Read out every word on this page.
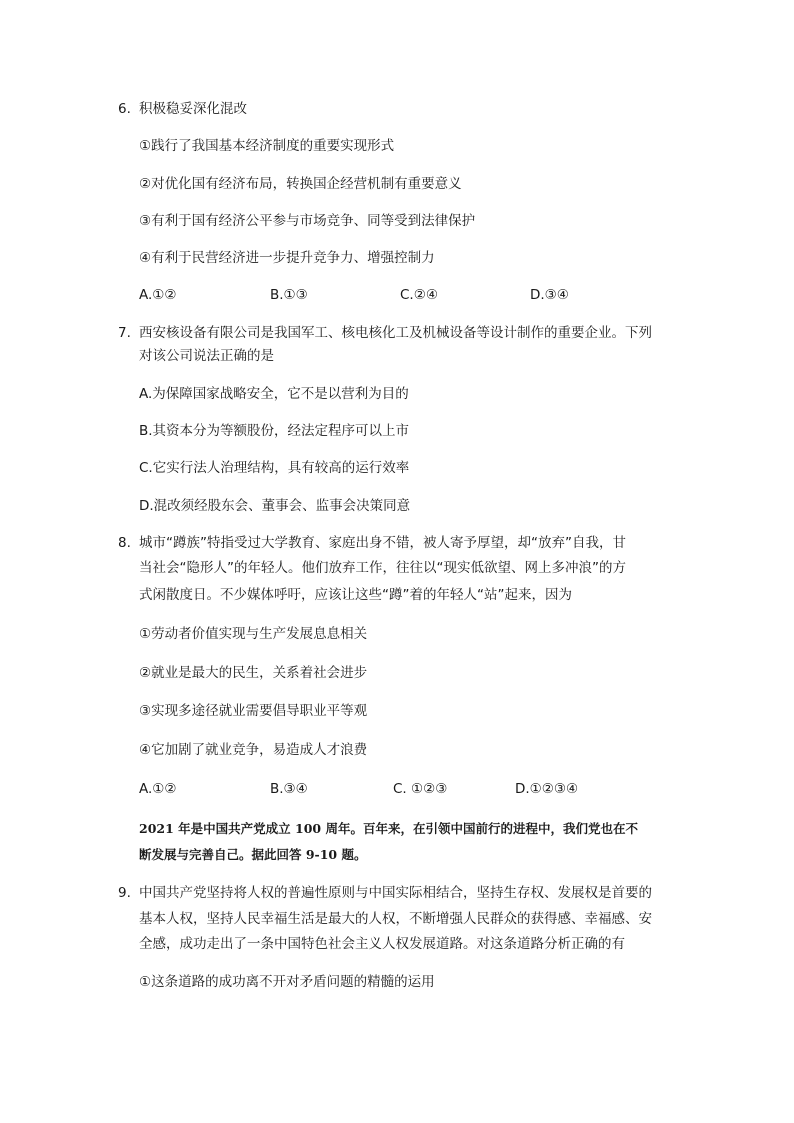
6. 积极稳妥深化混改
①践行了我国基本经济制度的重要实现形式
②对优化国有经济布局，转换国企经营机制有重要意义
③有利于国有经济公平参与市场竞争、同等受到法律保护
④有利于民营经济进一步提升竞争力、增强控制力
A.①②	B.①③	C.②④	D.③④
7. 西安核设备有限公司是我国军工、核电核化工及机械设备等设计制作的重要企业。下列
对该公司说法正确的是
A.为保障国家战略安全，它不是以营利为目的
B.其资本分为等额股份，经法定程序可以上市
C.它实行法人治理结构，具有较高的运行效率
D.混改须经股东会、董事会、监事会决策同意
8. 城市“蹲族”特指受过大学教育、家庭出身不错，被人寄予厚望，却“放弃”自我，甘
当社会“隐形人”的年轻人。他们放弃工作，往往以“现实低欲望、网上多冲浪”的方
式闲散度日。不少媒体呼吁，应该让这些“蹲”着的年轻人“站”起来，因为
①劳动者价值实现与生产发展息息相关
②就业是最大的民生，关系着社会进步
③实现多途径就业需要倡导职业平等观
④它加剧了就业竞争，易造成人才浪费
A.①②	B.③④	C. ①②③	D.①②③④
2021 年是中国共产党成立 100 周年。百年来，在引领中国前行的进程中，我们党也在不
断发展与完善自己。据此回答 9-10 题。
9. 中国共产党坚持将人权的普遍性原则与中国实际相结合，坚持生存权、发展权是首要的
基本人权，坚持人民幸福生活是最大的人权，不断增强人民群众的获得感、幸福感、安
全感，成功走出了一条中国特色社会主义人权发展道路。对这条道路分析正确的有
①这条道路的成功离不开对矛盾问题的精髓的运用
